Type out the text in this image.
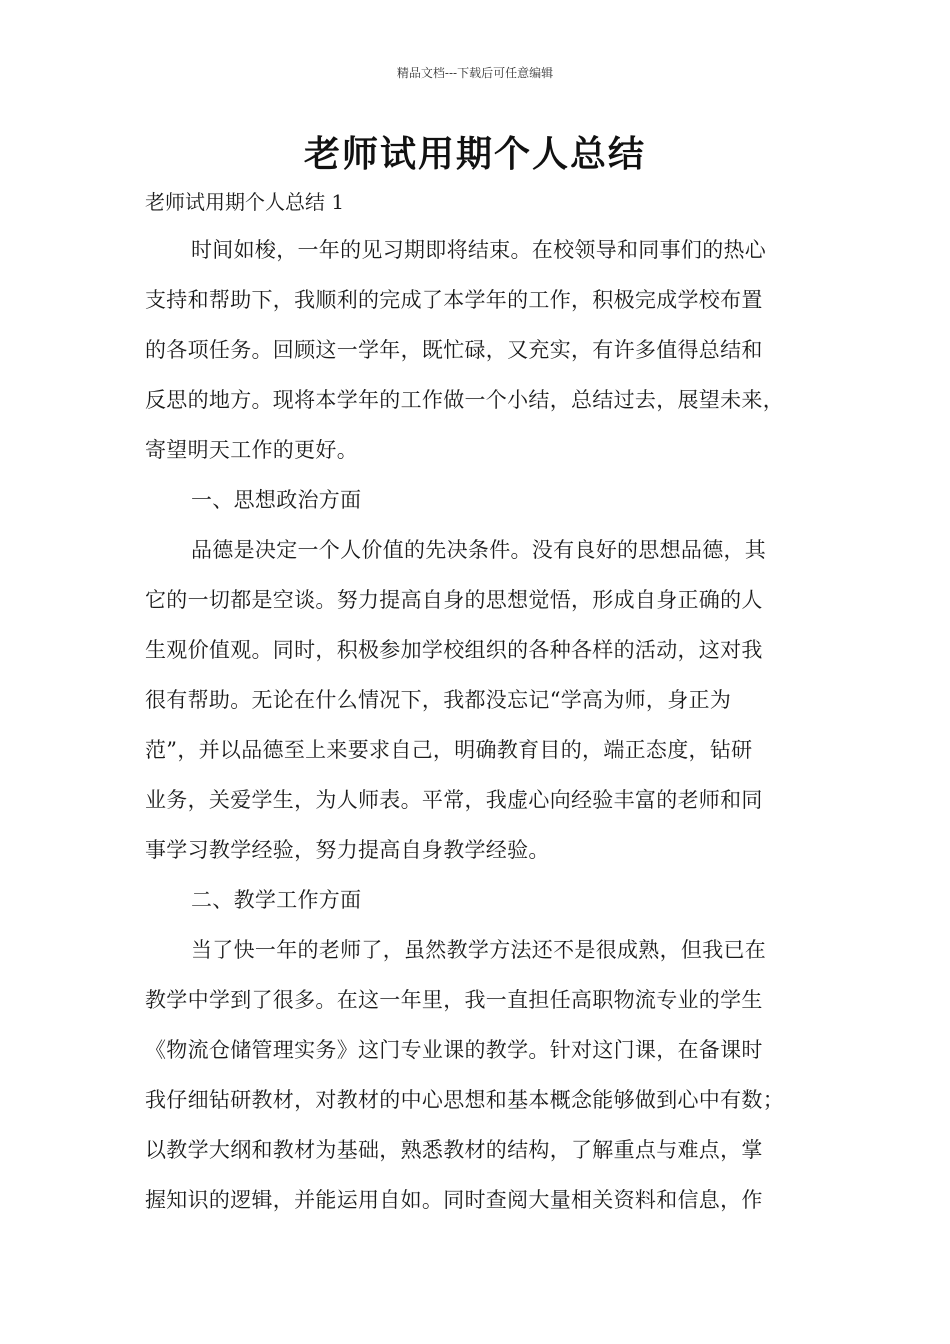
精品文档---下载后可任意编辑
老师试用期个人总结
老师试用期个人总结 1
时间如梭，一年的见习期即将结束。在校领导和同事们的热心
支持和帮助下，我顺利的完成了本学年的工作，积极完成学校布置
的各项任务。回顾这一学年，既忙碌，又充实，有许多值得总结和
反思的地方。现将本学年的工作做一个小结，总结过去，展望未来，
寄望明天工作的更好。
一、思想政治方面
品德是决定一个人价值的先决条件。没有良好的思想品德，其
它的一切都是空谈。努力提高自身的思想觉悟，形成自身正确的人
生观价值观。同时，积极参加学校组织的各种各样的活动，这对我
很有帮助。无论在什么情况下，我都没忘记“学高为师，身正为
范”，并以品德至上来要求自己，明确教育目的，端正态度，钻研
业务，关爱学生，为人师表。平常，我虚心向经验丰富的老师和同
事学习教学经验，努力提高自身教学经验。
二、教学工作方面
当了快一年的老师了，虽然教学方法还不是很成熟，但我已在
教学中学到了很多。在这一年里，我一直担任高职物流专业的学生
《物流仓储管理实务》这门专业课的教学。针对这门课，在备课时
我仔细钻研教材，对教材的中心思想和基本概念能够做到心中有数；
以教学大纲和教材为基础，熟悉教材的结构，了解重点与难点，掌
握知识的逻辑，并能运用自如。同时查阅大量相关资料和信息，作
